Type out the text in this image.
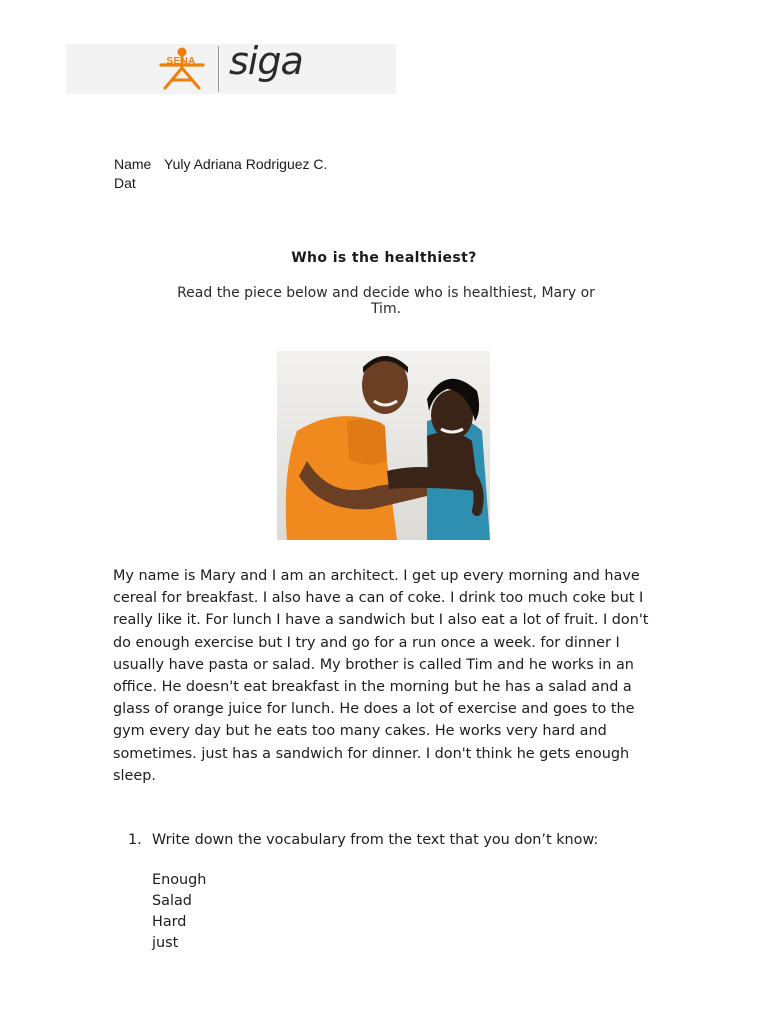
SENA siga
Name Yuly Adriana Rodriguez C.
Dat
Who is the healthiest?
Read the piece below and decide who is healthiest, Mary or Tim.
My name is Mary and I am an architect. I get up every morning and have cereal for breakfast. I also have a can of coke. I drink too much coke but I really like it. For lunch I have a sandwich but I also eat a lot of fruit. I don't do enough exercise but I try and go for a run once a week. for dinner I usually have pasta or salad. My brother is called Tim and he works in an office. He doesn't eat breakfast in the morning but he has a salad and a glass of orange juice for lunch. He does a lot of exercise and goes to the gym every day but he eats too many cakes. He works very hard and sometimes. just has a sandwich for dinner. I don't think he gets enough sleep.
1. Write down the vocabulary from the text that you don’t know:
Enough
Salad
Hard
just
